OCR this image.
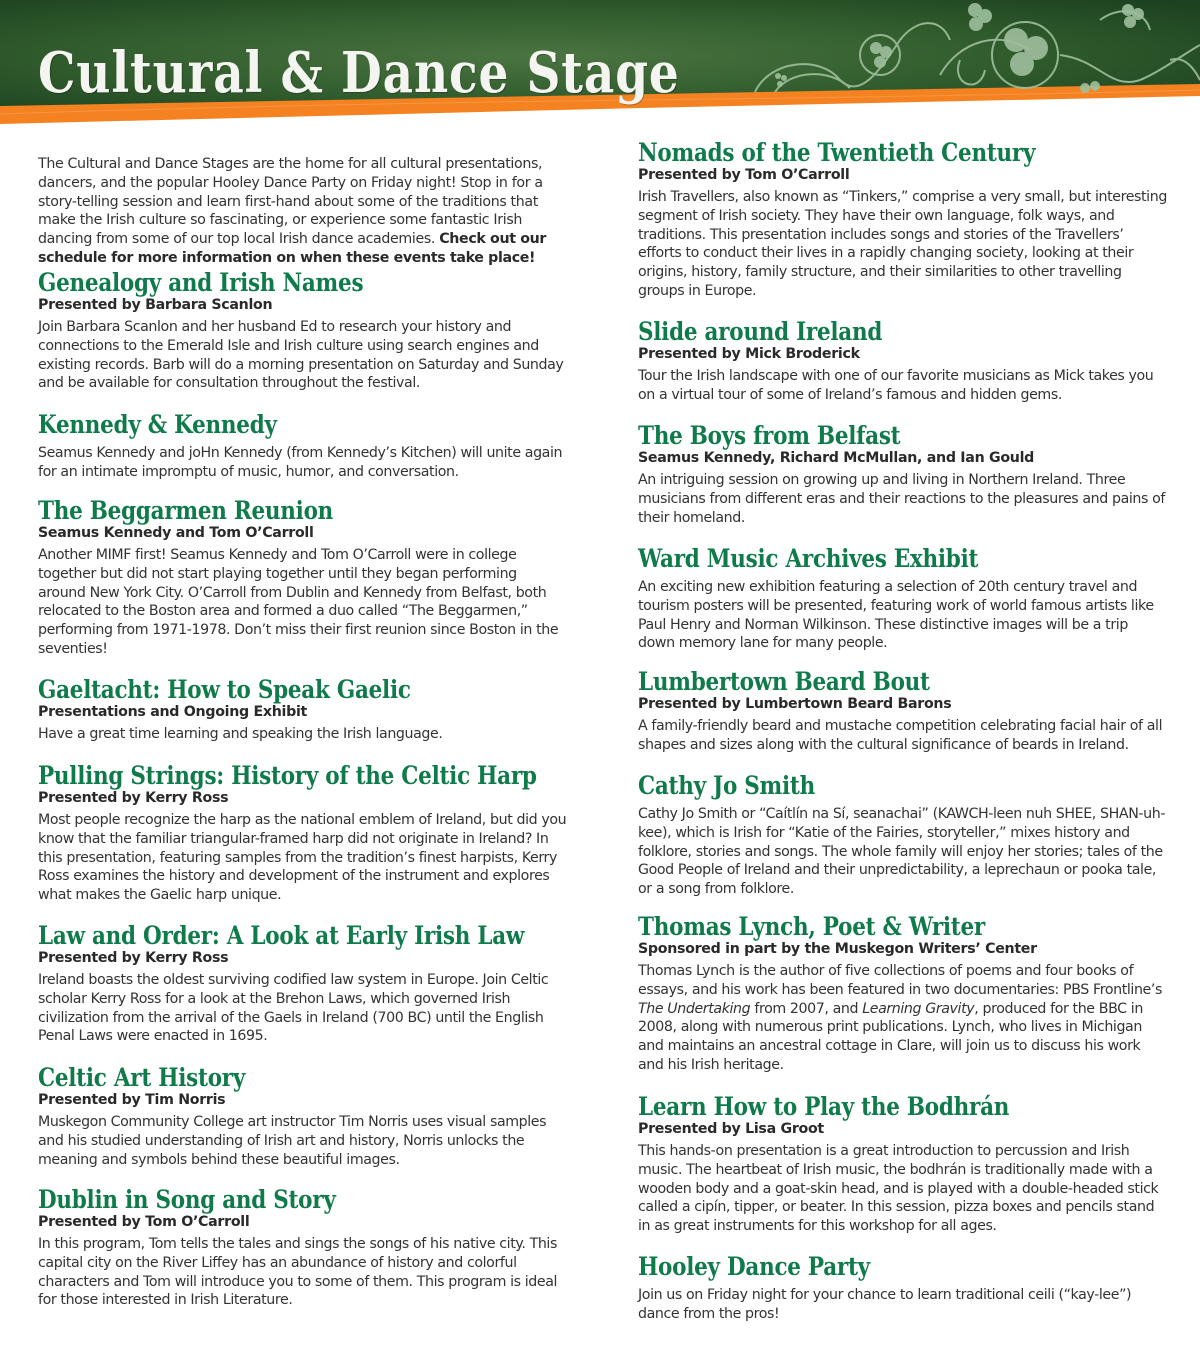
Cultural & Dance Stage
The Cultural and Dance Stages are the home for all cultural presentations, dancers, and the popular Hooley Dance Party on Friday night! Stop in for a story-telling session and learn first-hand about some of the traditions that make the Irish culture so fascinating, or experience some fantastic Irish dancing from some of our top local Irish dance academies. Check out our schedule for more information on when these events take place!
Genealogy and Irish Names
Presented by Barbara Scanlon

Join Barbara Scanlon and her husband Ed to research your history and connections to the Emerald Isle and Irish culture using search engines and existing records. Barb will do a morning presentation on Saturday and Sunday and be available for consultation throughout the festival.

Kennedy & Kennedy

Seamus Kennedy and joHn Kennedy (from Kennedy’s Kitchen) will unite again for an intimate impromptu of music, humor, and conversation.

The Beggarmen Reunion
Seamus Kennedy and Tom O’Carroll

Another MIMF first! Seamus Kennedy and Tom O’Carroll were in college together but did not start playing together until they began performing around New York City. O’Carroll from Dublin and Kennedy from Belfast, both relocated to the Boston area and formed a duo called “The Beggarmen,” performing from 1971-1978. Don’t miss their first reunion since Boston in the seventies!

Gaeltacht: How to Speak Gaelic
Presentations and Ongoing Exhibit

Have a great time learning and speaking the Irish language.

Pulling Strings: History of the Celtic Harp
Presented by Kerry Ross

Most people recognize the harp as the national emblem of Ireland, but did you know that the familiar triangular-framed harp did not originate in Ireland? In this presentation, featuring samples from the tradition’s finest harpists, Kerry Ross examines the history and development of the instrument and explores what makes the Gaelic harp unique.

Law and Order: A Look at Early Irish Law
Presented by Kerry Ross

Ireland boasts the oldest surviving codified law system in Europe. Join Celtic scholar Kerry Ross for a look at the Brehon Laws, which governed Irish civilization from the arrival of the Gaels in Ireland (700 BC) until the English Penal Laws were enacted in 1695.

Celtic Art History
Presented by Tim Norris

Muskegon Community College art instructor Tim Norris uses visual samples and his studied understanding of Irish art and history, Norris unlocks the meaning and symbols behind these beautiful images.

Dublin in Song and Story
Presented by Tom O’Carroll

In this program, Tom tells the tales and sings the songs of his native city. This capital city on the River Liffey has an abundance of history and colorful characters and Tom will introduce you to some of them. This program is ideal for those interested in Irish Literature.

Nomads of the Twentieth Century
Presented by Tom O’Carroll

Irish Travellers, also known as “Tinkers,” comprise a very small, but interesting segment of Irish society. They have their own language, folk ways, and traditions. This presentation includes songs and stories of the Travellers’ efforts to conduct their lives in a rapidly changing society, looking at their origins, history, family structure, and their similarities to other travelling groups in Europe.

Slide around Ireland
Presented by Mick Broderick

Tour the Irish landscape with one of our favorite musicians as Mick takes you on a virtual tour of some of Ireland’s famous and hidden gems.

The Boys from Belfast
Seamus Kennedy, Richard McMullan, and Ian Gould

An intriguing session on growing up and living in Northern Ireland. Three musicians from different eras and their reactions to the pleasures and pains of their homeland.

Ward Music Archives Exhibit

An exciting new exhibition featuring a selection of 20th century travel and tourism posters will be presented, featuring work of world famous artists like Paul Henry and Norman Wilkinson. These distinctive images will be a trip down memory lane for many people.

Lumbertown Beard Bout
Presented by Lumbertown Beard Barons

A family-friendly beard and mustache competition celebrating facial hair of all shapes and sizes along with the cultural significance of beards in Ireland.

Cathy Jo Smith

Cathy Jo Smith or “Caítlín na Sí, seanachai” (KAWCH-leen nuh SHEE, SHAN-uh-kee), which is Irish for “Katie of the Fairies, storyteller,” mixes history and folklore, stories and songs. The whole family will enjoy her stories; tales of the Good People of Ireland and their unpredictability, a leprechaun or pooka tale, or a song from folklore.

Thomas Lynch, Poet & Writer
Sponsored in part by the Muskegon Writers’ Center

Thomas Lynch is the author of five collections of poems and four books of essays, and his work has been featured in two documentaries: PBS Frontline’s The Undertaking from 2007, and Learning Gravity, produced for the BBC in 2008, along with numerous print publications. Lynch, who lives in Michigan and maintains an ancestral cottage in Clare, will join us to discuss his work and his Irish heritage.

Learn How to Play the Bodhrán
Presented by Lisa Groot

This hands-on presentation is a great introduction to percussion and Irish music. The heartbeat of Irish music, the bodhrán is traditionally made with a wooden body and a goat-skin head, and is played with a double-headed stick called a cipín, tipper, or beater. In this session, pizza boxes and pencils stand in as great instruments for this workshop for all ages.

Hooley Dance Party

Join us on Friday night for your chance to learn traditional ceili (“kay-lee”) dance from the pros!
